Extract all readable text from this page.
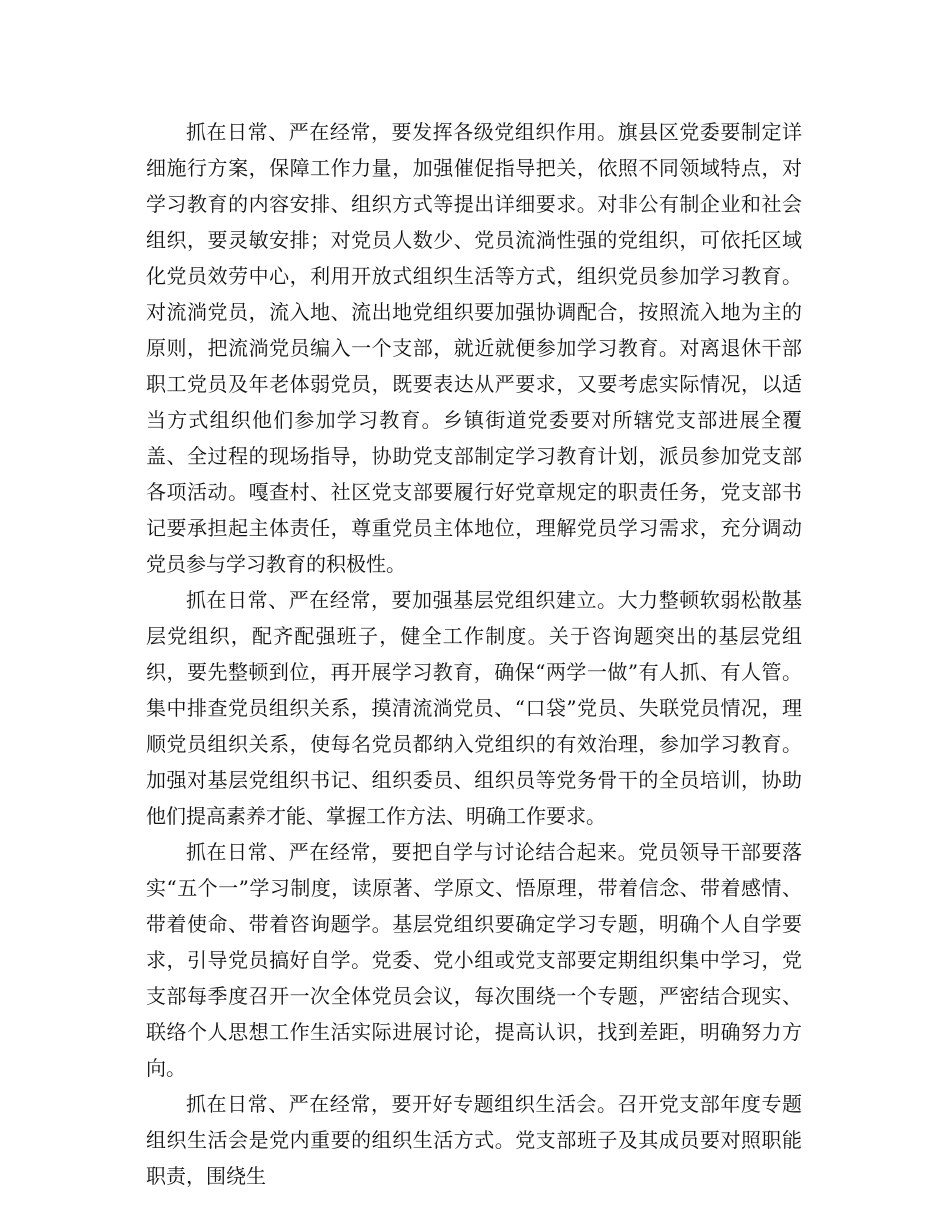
抓在日常、严在经常，要发挥各级党组织作用。旗县区党委要制定详细施行方案，保障工作力量，加强催促指导把关，依照不同领域特点，对学习教育的内容安排、组织方式等提出详细要求。对非公有制企业和社会组织，要灵敏安排；对党员人数少、党员流淌性强的党组织，可依托区域化党员效劳中心，利用开放式组织生活等方式，组织党员参加学习教育。对流淌党员，流入地、流出地党组织要加强协调配合，按照流入地为主的原则，把流淌党员编入一个支部，就近就便参加学习教育。对离退休干部职工党员及年老体弱党员，既要表达从严要求，又要考虑实际情况，以适当方式组织他们参加学习教育。乡镇街道党委要对所辖党支部进展全覆盖、全过程的现场指导，协助党支部制定学习教育计划，派员参加党支部各项活动。嘎查村、社区党支部要履行好党章规定的职责任务，党支部书记要承担起主体责任，尊重党员主体地位，理解党员学习需求，充分调动党员参与学习教育的积极性。

抓在日常、严在经常，要加强基层党组织建立。大力整顿软弱松散基层党组织，配齐配强班子，健全工作制度。关于咨询题突出的基层党组织，要先整顿到位，再开展学习教育，确保“两学一做”有人抓、有人管。集中排查党员组织关系，摸清流淌党员、“口袋”党员、失联党员情况，理顺党员组织关系，使每名党员都纳入党组织的有效治理，参加学习教育。加强对基层党组织书记、组织委员、组织员等党务骨干的全员培训，协助他们提高素养才能、掌握工作方法、明确工作要求。

抓在日常、严在经常，要把自学与讨论结合起来。党员领导干部要落实“五个一”学习制度，读原著、学原文、悟原理，带着信念、带着感情、带着使命、带着咨询题学。基层党组织要确定学习专题，明确个人自学要求，引导党员搞好自学。党委、党小组或党支部要定期组织集中学习，党支部每季度召开一次全体党员会议，每次围绕一个专题，严密结合现实、联络个人思想工作生活实际进展讨论，提高认识，找到差距，明确努力方向。

抓在日常、严在经常，要开好专题组织生活会。召开党支部年度专题组织生活会是党内重要的组织生活方式。党支部班子及其成员要对照职能职责，围绕生
